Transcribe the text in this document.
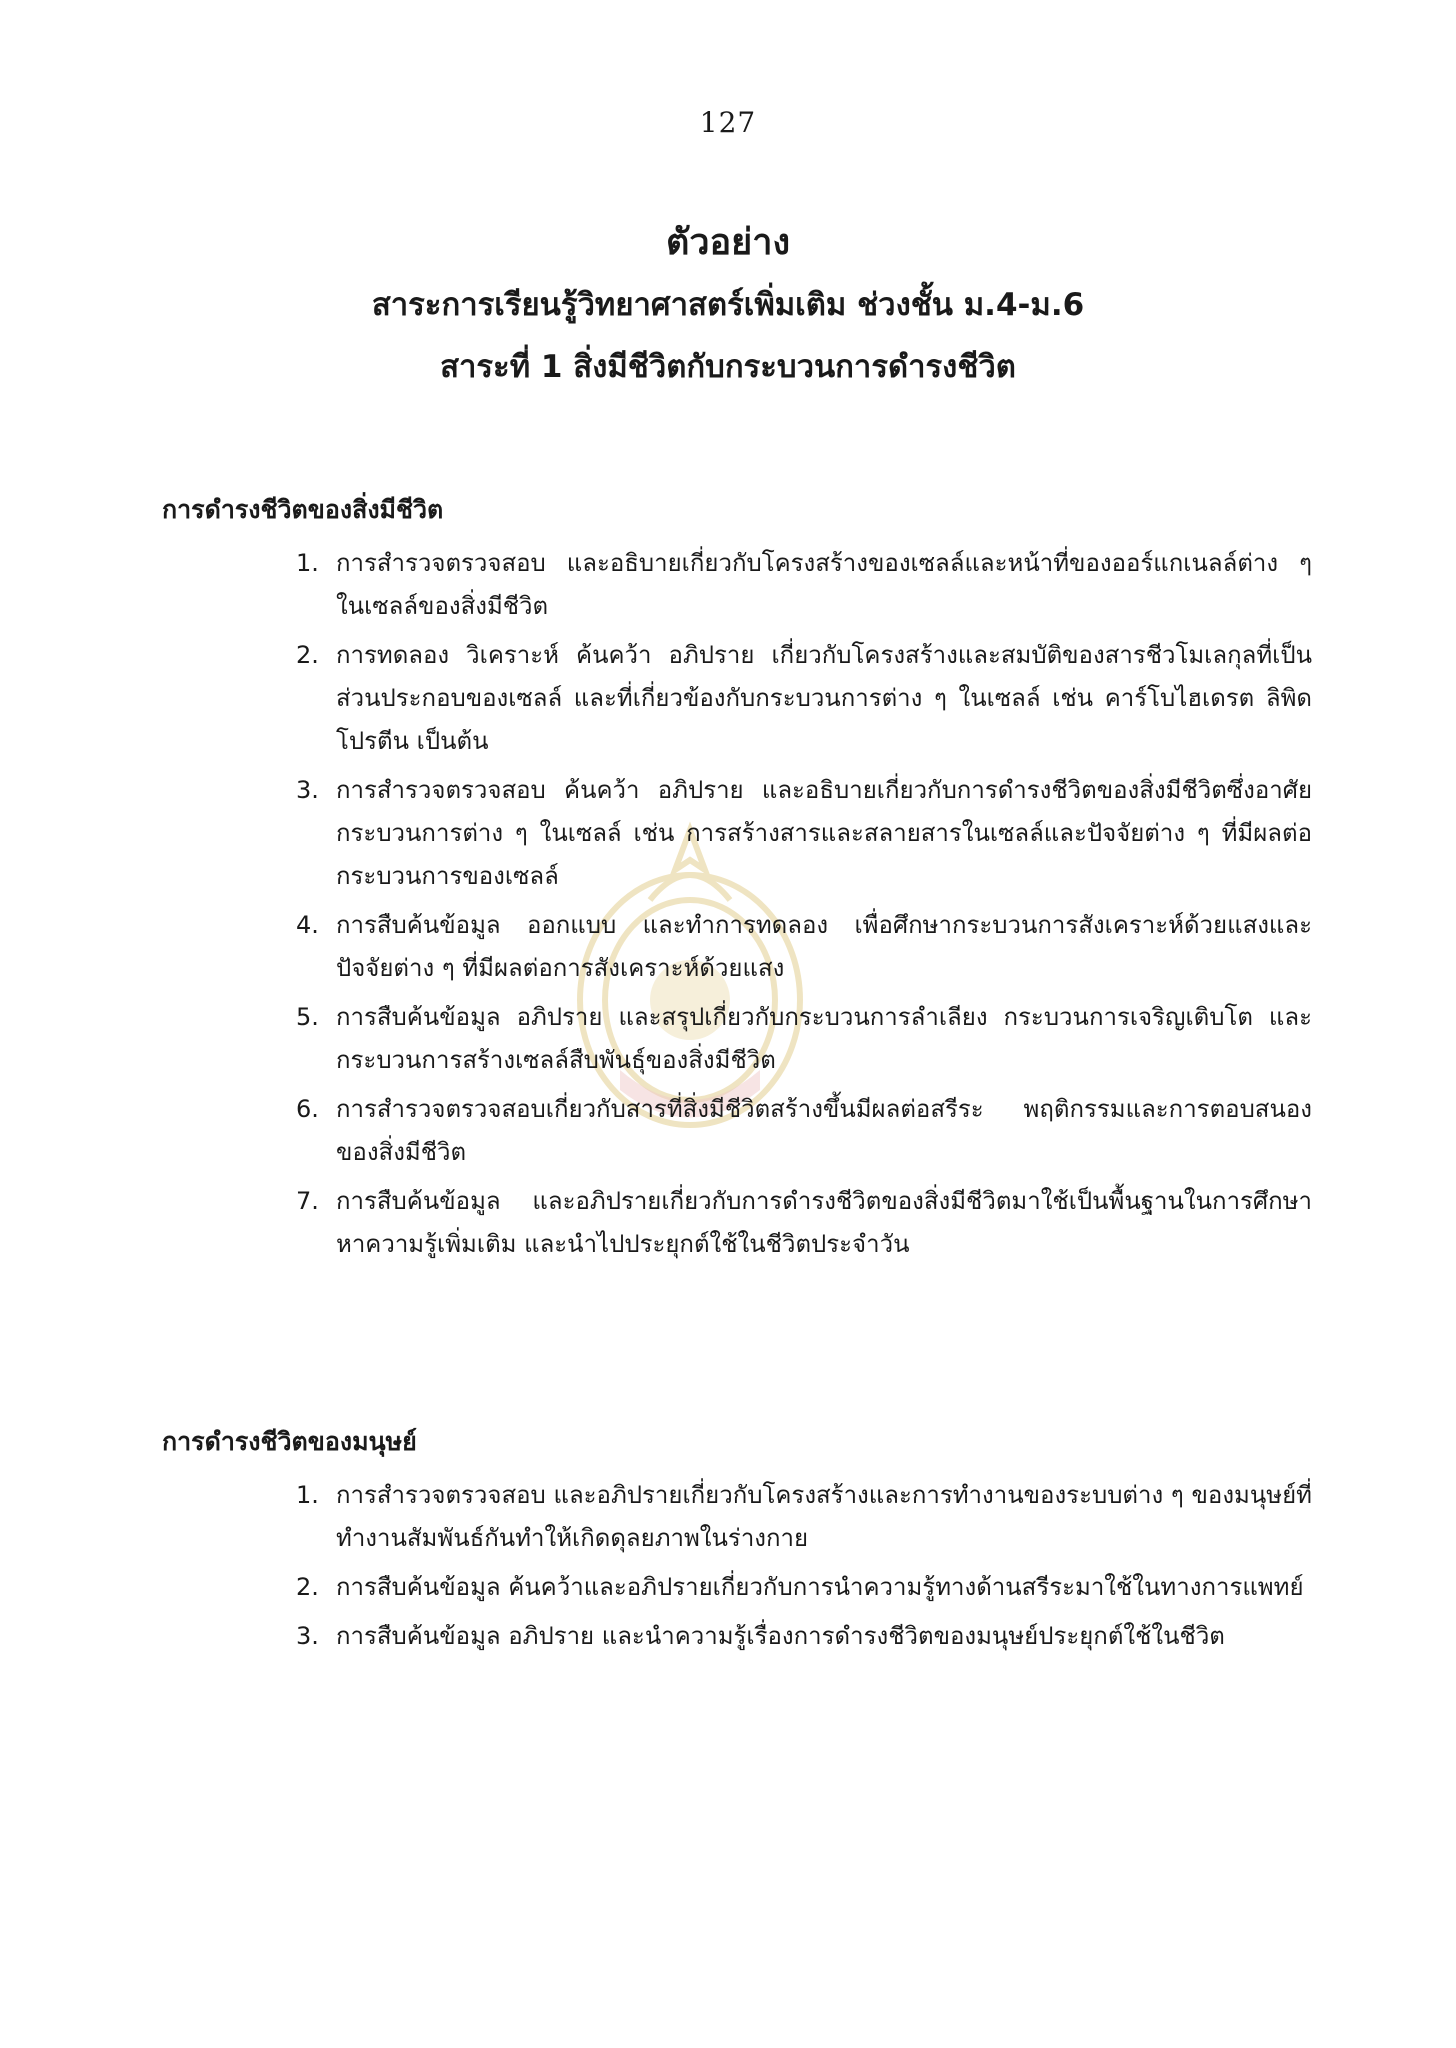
127
ตัวอย่าง
สาระการเรียนรู้วิทยาศาสตร์เพิ่มเติม ช่วงชั้น ม.4-ม.6
สาระที่ 1 สิ่งมีชีวิตกับกระบวนการดำรงชีวิต
การดำรงชีวิตของสิ่งมีชีวิต
1. การสำรวจตรวจสอบ และอธิบายเกี่ยวกับโครงสร้างของเซลล์และหน้าที่ของออร์แกเนลล์ต่าง ๆ ในเซลล์ของสิ่งมีชีวิต
2. การทดลอง วิเคราะห์ ค้นคว้า อภิปราย เกี่ยวกับโครงสร้างและสมบัติของสารชีวโมเลกุลที่เป็นส่วนประกอบของเซลล์ และที่เกี่ยวข้องกับกระบวนการต่าง ๆ ในเซลล์ เช่น คาร์โบไฮเดรต ลิพิด โปรตีน เป็นต้น
3. การสำรวจตรวจสอบ ค้นคว้า อภิปราย และอธิบายเกี่ยวกับการดำรงชีวิตของสิ่งมีชีวิตซึ่งอาศัยกระบวนการต่าง ๆ ในเซลล์ เช่น การสร้างสารและสลายสารในเซลล์และปัจจัยต่าง ๆ ที่มีผลต่อกระบวนการของเซลล์
4. การสืบค้นข้อมูล ออกแบบ และทำการทดลอง เพื่อศึกษากระบวนการสังเคราะห์ด้วยแสงและปัจจัยต่าง ๆ ที่มีผลต่อการสังเคราะห์ด้วยแสง
5. การสืบค้นข้อมูล อภิปราย และสรุปเกี่ยวกับกระบวนการลำเลียง กระบวนการเจริญเติบโต และกระบวนการสร้างเซลล์สืบพันธุ์ของสิ่งมีชีวิต
6. การสำรวจตรวจสอบเกี่ยวกับสารที่สิ่งมีชีวิตสร้างขึ้นมีผลต่อสรีระ พฤติกรรมและการตอบสนองของสิ่งมีชีวิต
7. การสืบค้นข้อมูล และอภิปรายเกี่ยวกับการดำรงชีวิตของสิ่งมีชีวิตมาใช้เป็นพื้นฐานในการศึกษาหาความรู้เพิ่มเติม และนำไปประยุกต์ใช้ในชีวิตประจำวัน
การดำรงชีวิตของมนุษย์
1. การสำรวจตรวจสอบ และอภิปรายเกี่ยวกับโครงสร้างและการทำงานของระบบต่าง ๆ ของมนุษย์ที่ทำงานสัมพันธ์กันทำให้เกิดดุลยภาพในร่างกาย
2. การสืบค้นข้อมูล ค้นคว้าและอภิปรายเกี่ยวกับการนำความรู้ทางด้านสรีระมาใช้ในทางการแพทย์
3. การสืบค้นข้อมูล อภิปราย และนำความรู้เรื่องการดำรงชีวิตของมนุษย์ประยุกต์ใช้ในชีวิต
